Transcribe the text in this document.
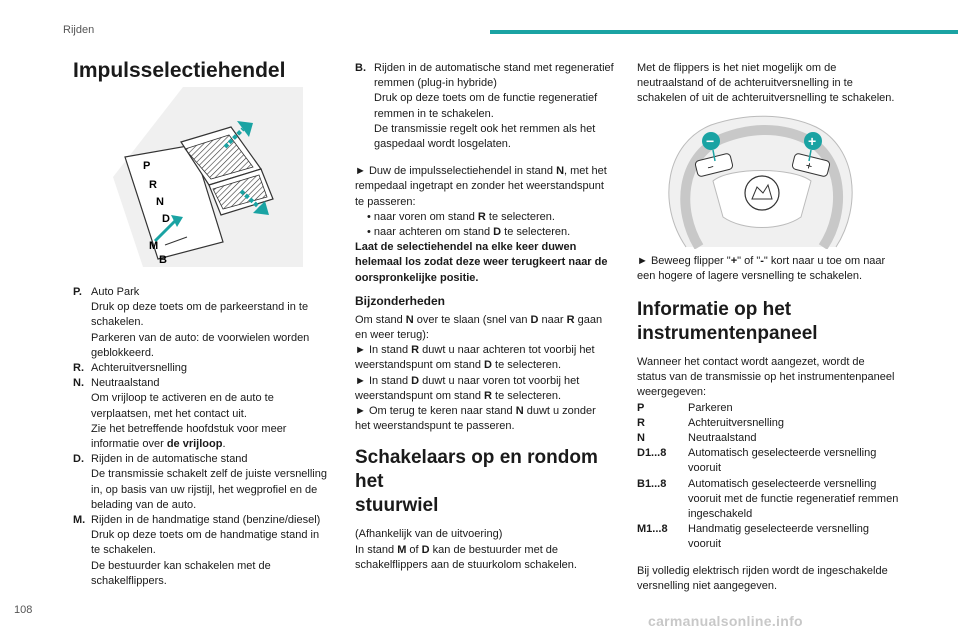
Rijden
Impulsselectiehendel
P
R
N
D
M
B
P. Auto Park
Druk op deze toets om de parkeerstand in te
schakelen.
Parkeren van de auto: de voorwielen worden
geblokkeerd.
R. Achteruitversnelling
N. Neutraalstand
Om vrijloop te activeren en de auto te
verplaatsen, met het contact uit.
Zie het betreffende hoofdstuk voor meer
informatie over de vrijloop.
D. Rijden in de automatische stand
De transmissie schakelt zelf de juiste versnelling
in, op basis van uw rijstijl, het wegprofiel en de
belading van de auto.
M. Rijden in de handmatige stand (benzine/diesel)
Druk op deze toets om de handmatige stand in
te schakelen.
De bestuurder kan schakelen met de
schakelflippers.
B. Rijden in de automatische stand met regeneratief
remmen (plug-in hybride)
Druk op deze toets om de functie regeneratief
remmen in te schakelen.
De transmissie regelt ook het remmen als het
gaspedaal wordt losgelaten.
► Duw de impulsselectiehendel in stand N, met het
rempedaal ingetrapt en zonder het weerstandspunt
te passeren:
• naar voren om stand R te selecteren.
• naar achteren om stand D te selecteren.
Laat de selectiehendel na elke keer duwen
helemaal los zodat deze weer terugkeert naar de
oorspronkelijke positie.
Bijzonderheden
Om stand N over te slaan (snel van D naar R gaan
en weer terug):
► In stand R duwt u naar achteren tot voorbij het
weerstandspunt om stand D te selecteren.
► In stand D duwt u naar voren tot voorbij het
weerstandspunt om stand R te selecteren.
► Om terug te keren naar stand N duwt u zonder
het weerstandspunt te passeren.
Schakelaars op en rondom het
stuurwiel
(Afhankelijk van de uitvoering)
In stand M of D kan de bestuurder met de
schakelflippers aan de stuurkolom schakelen.
Met de flippers is het niet mogelijk om de
neutraalstand of de achteruitversnelling in te
schakelen of uit de achteruitversnelling te schakelen.
−	+
−	+
► Beweeg flipper "+" of "-" kort naar u toe om naar
een hogere of lagere versnelling te schakelen.
Informatie op het
instrumentenpaneel
Wanneer het contact wordt aangezet, wordt de
status van de transmissie op het instrumentenpaneel
weergegeven:
P	Parkeren
R	Achteruitversnelling
N	Neutraalstand
D1...8	Automatisch geselecteerde versnelling
vooruit
B1...8	Automatisch geselecteerde versnelling
vooruit met de functie regeneratief remmen
ingeschakeld
M1...8	Handmatig geselecteerde versnelling
vooruit
Bij volledig elektrisch rijden wordt de ingeschakelde
versnelling niet aangegeven.
108
carmanualsonline.info
